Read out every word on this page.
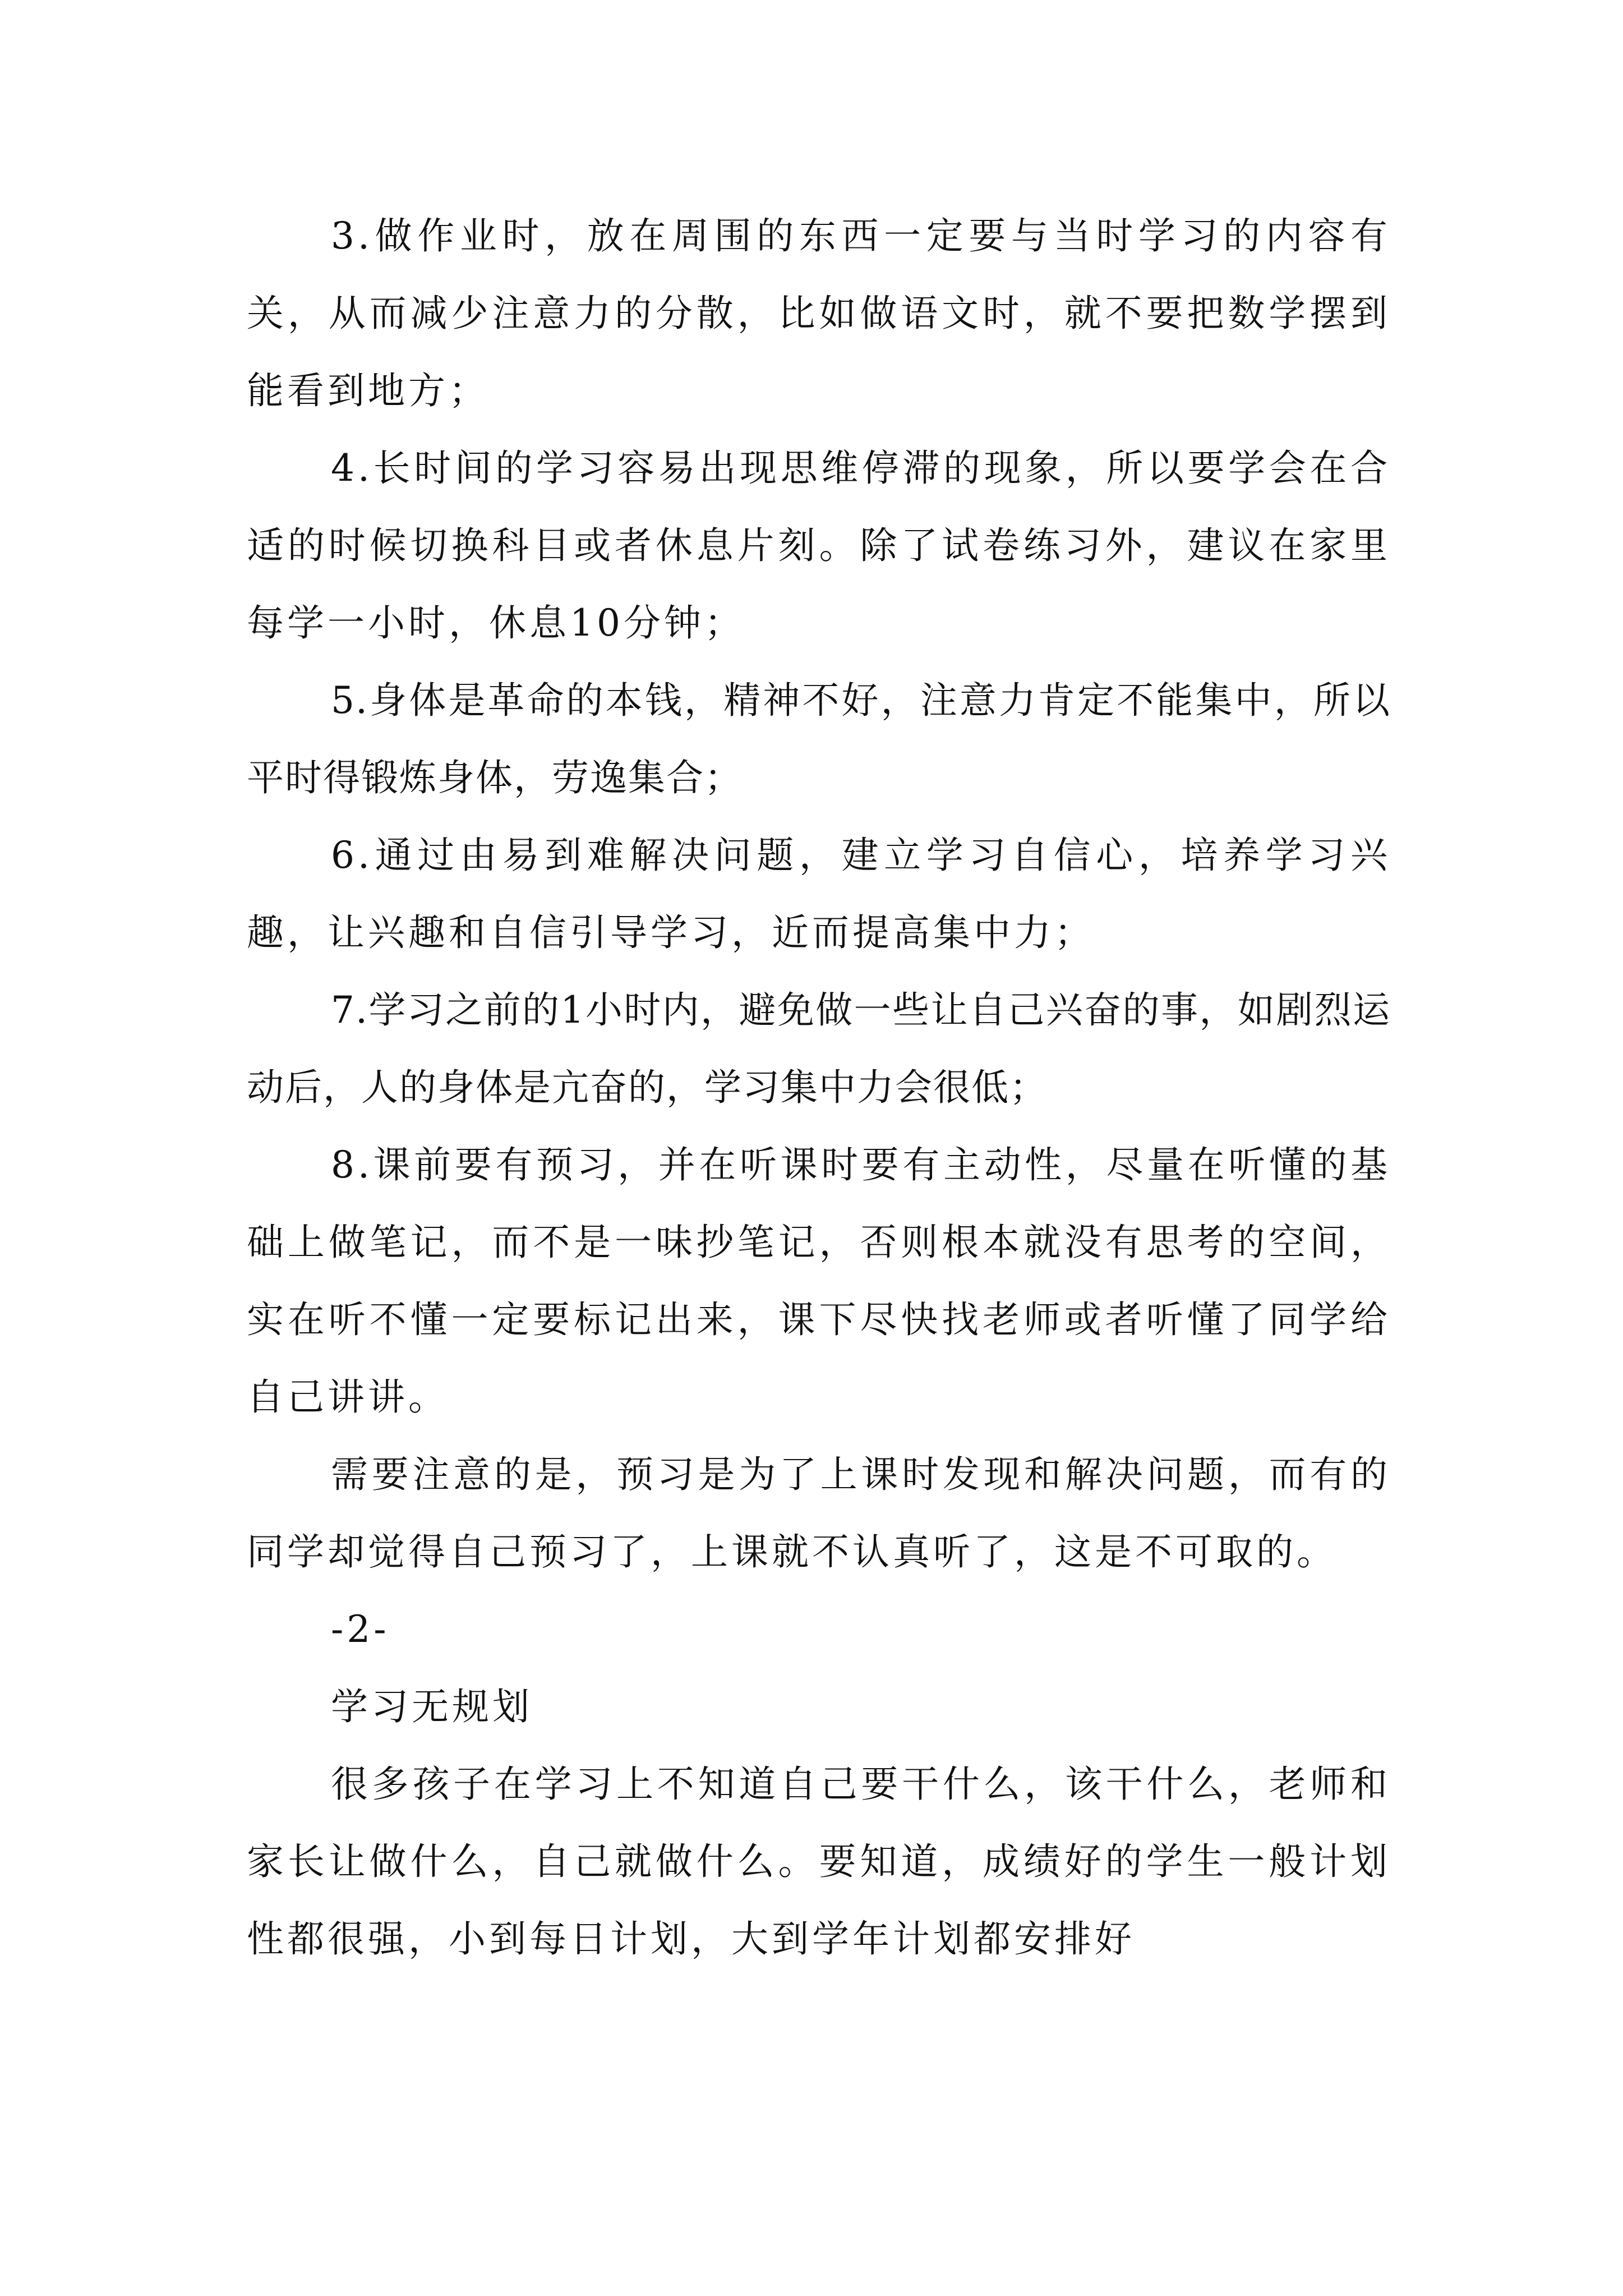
3.做作业时，放在周围的东西一定要与当时学习的内容有关，从而减少注意力的分散，比如做语文时，就不要把数学摆到能看到地方；

4.长时间的学习容易出现思维停滞的现象，所以要学会在合适的时候切换科目或者休息片刻。除了试卷练习外，建议在家里每学一小时，休息10分钟；

5.身体是革命的本钱，精神不好，注意力肯定不能集中，所以平时得锻炼身体，劳逸集合；

6.通过由易到难解决问题，建立学习自信心，培养学习兴趣，让兴趣和自信引导学习，近而提高集中力；

7.学习之前的1小时内，避免做一些让自己兴奋的事，如剧烈运动后，人的身体是亢奋的，学习集中力会很低；

8.课前要有预习，并在听课时要有主动性，尽量在听懂的基础上做笔记，而不是一味抄笔记，否则根本就没有思考的空间，实在听不懂一定要标记出来，课下尽快找老师或者听懂了同学给自己讲讲。

需要注意的是，预习是为了上课时发现和解决问题，而有的同学却觉得自己预习了，上课就不认真听了，这是不可取的。

-2-

学习无规划

很多孩子在学习上不知道自己要干什么，该干什么，老师和家长让做什么，自己就做什么。要知道，成绩好的学生一般计划性都很强，小到每日计划，大到学年计划都安排好
